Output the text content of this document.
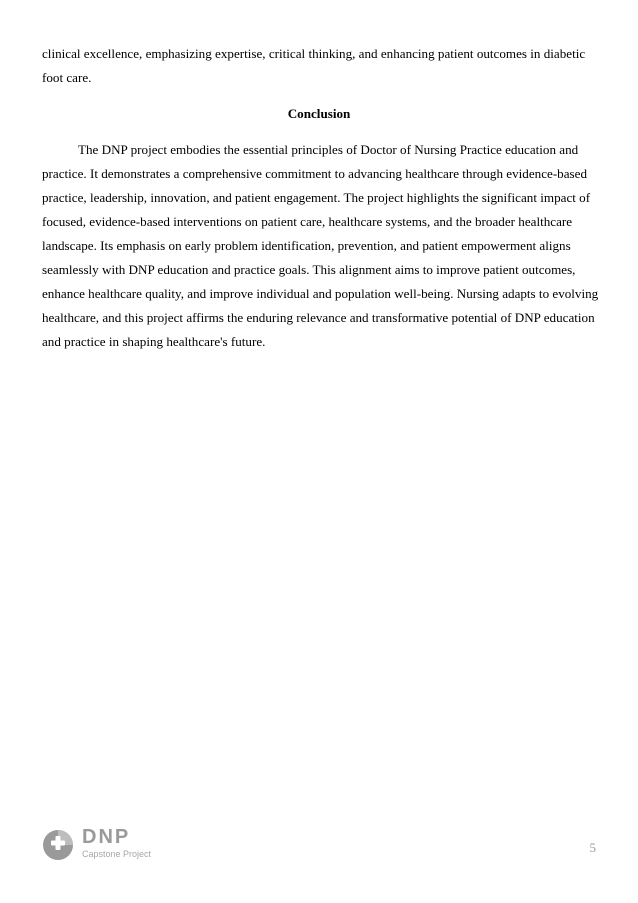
clinical excellence, emphasizing expertise, critical thinking, and enhancing patient outcomes in diabetic foot care.

Conclusion

The DNP project embodies the essential principles of Doctor of Nursing Practice education and practice. It demonstrates a comprehensive commitment to advancing healthcare through evidence-based practice, leadership, innovation, and patient engagement. The project highlights the significant impact of focused, evidence-based interventions on patient care, healthcare systems, and the broader healthcare landscape. Its emphasis on early problem identification, prevention, and patient empowerment aligns seamlessly with DNP education and practice goals. This alignment aims to improve patient outcomes, enhance healthcare quality, and improve individual and population well-being. Nursing adapts to evolving healthcare, and this project affirms the enduring relevance and transformative potential of DNP education and practice in shaping healthcare's future.

DNP
Capstone Project	5
